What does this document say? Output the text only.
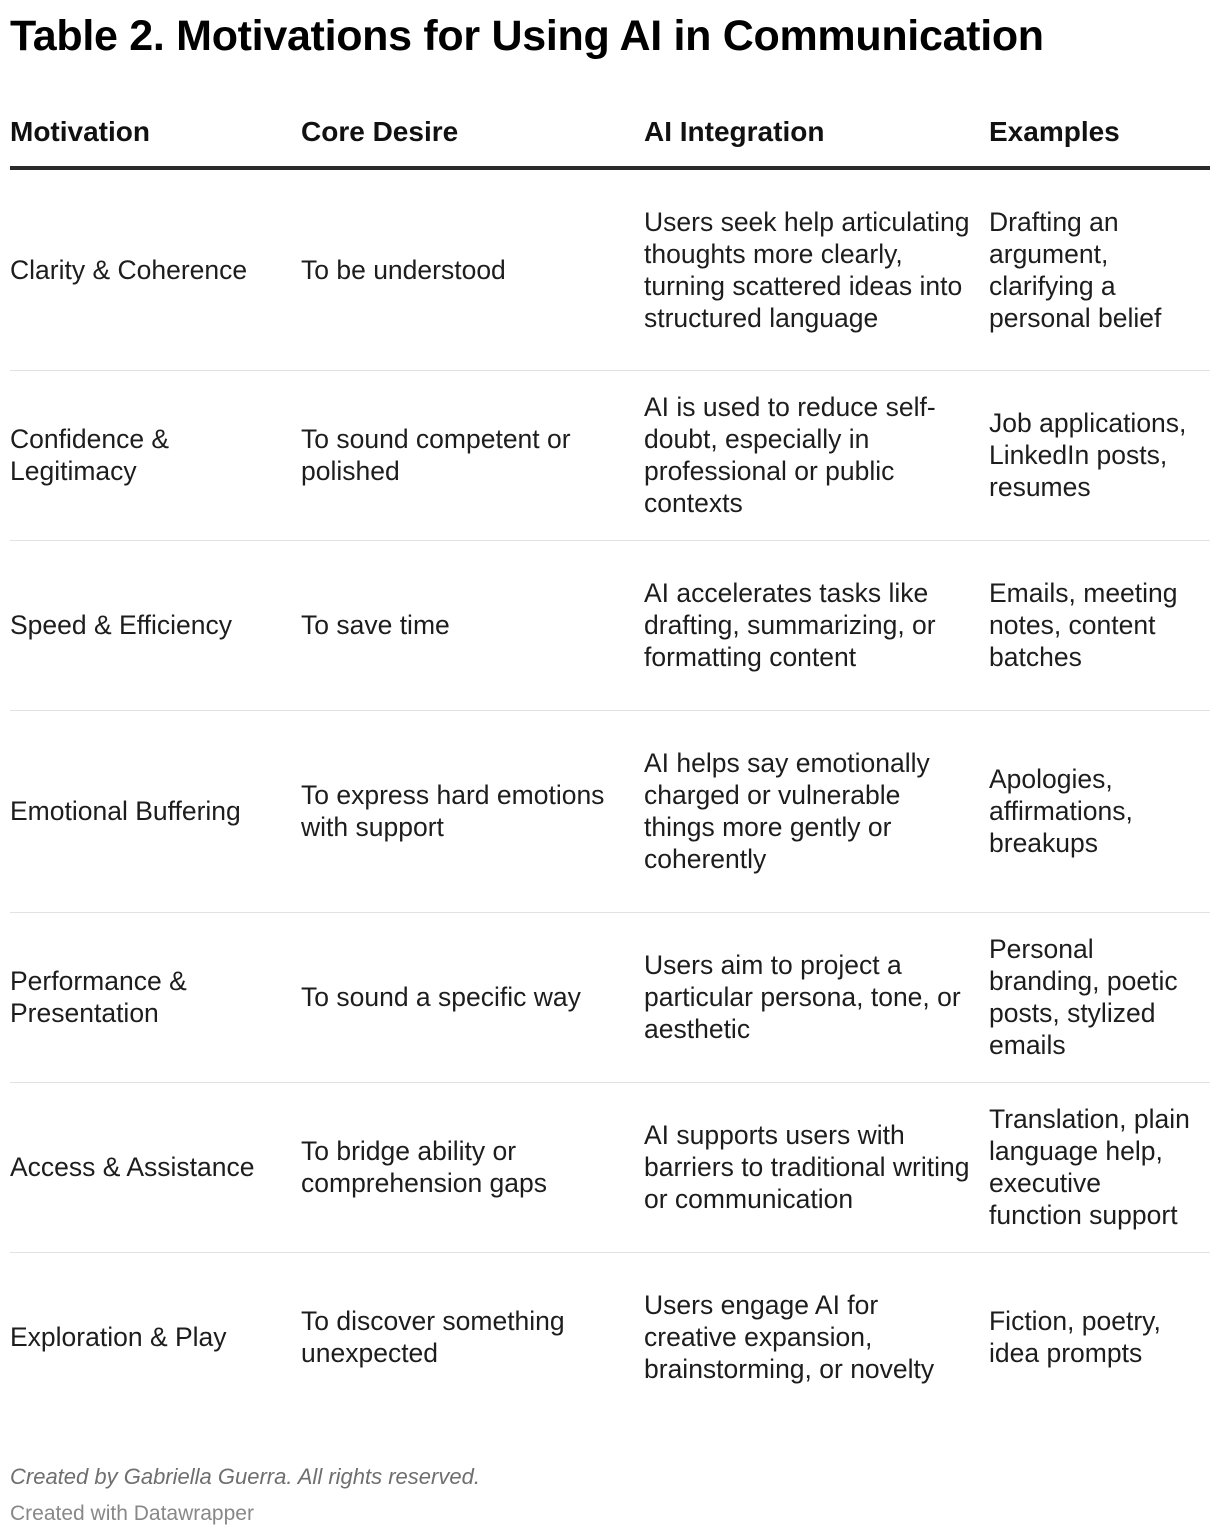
Table 2. Motivations for Using AI in Communication
Motivation	Core Desire	AI Integration	Examples

Clarity & Coherence	To be understood	Users seek help articulating thoughts more clearly, turning scattered ideas into structured language	Drafting an argument, clarifying a personal belief

Confidence & Legitimacy	To sound competent or polished	AI is used to reduce self-doubt, especially in professional or public contexts	Job applications, LinkedIn posts, resumes

Speed & Efficiency	To save time	AI accelerates tasks like drafting, summarizing, or formatting content	Emails, meeting notes, content batches

Emotional Buffering	To express hard emotions with support	AI helps say emotionally charged or vulnerable things more gently or coherently	Apologies, affirmations, breakups

Performance & Presentation	To sound a specific way	Users aim to project a particular persona, tone, or aesthetic	Personal branding, poetic posts, stylized emails

Access & Assistance	To bridge ability or comprehension gaps	AI supports users with barriers to traditional writing or communication	Translation, plain language help, executive function support

Exploration & Play	To discover something unexpected	Users engage AI for creative expansion, brainstorming, or novelty	Fiction, poetry, idea prompts
Created by Gabriella Guerra. All rights reserved.
Created with Datawrapper
